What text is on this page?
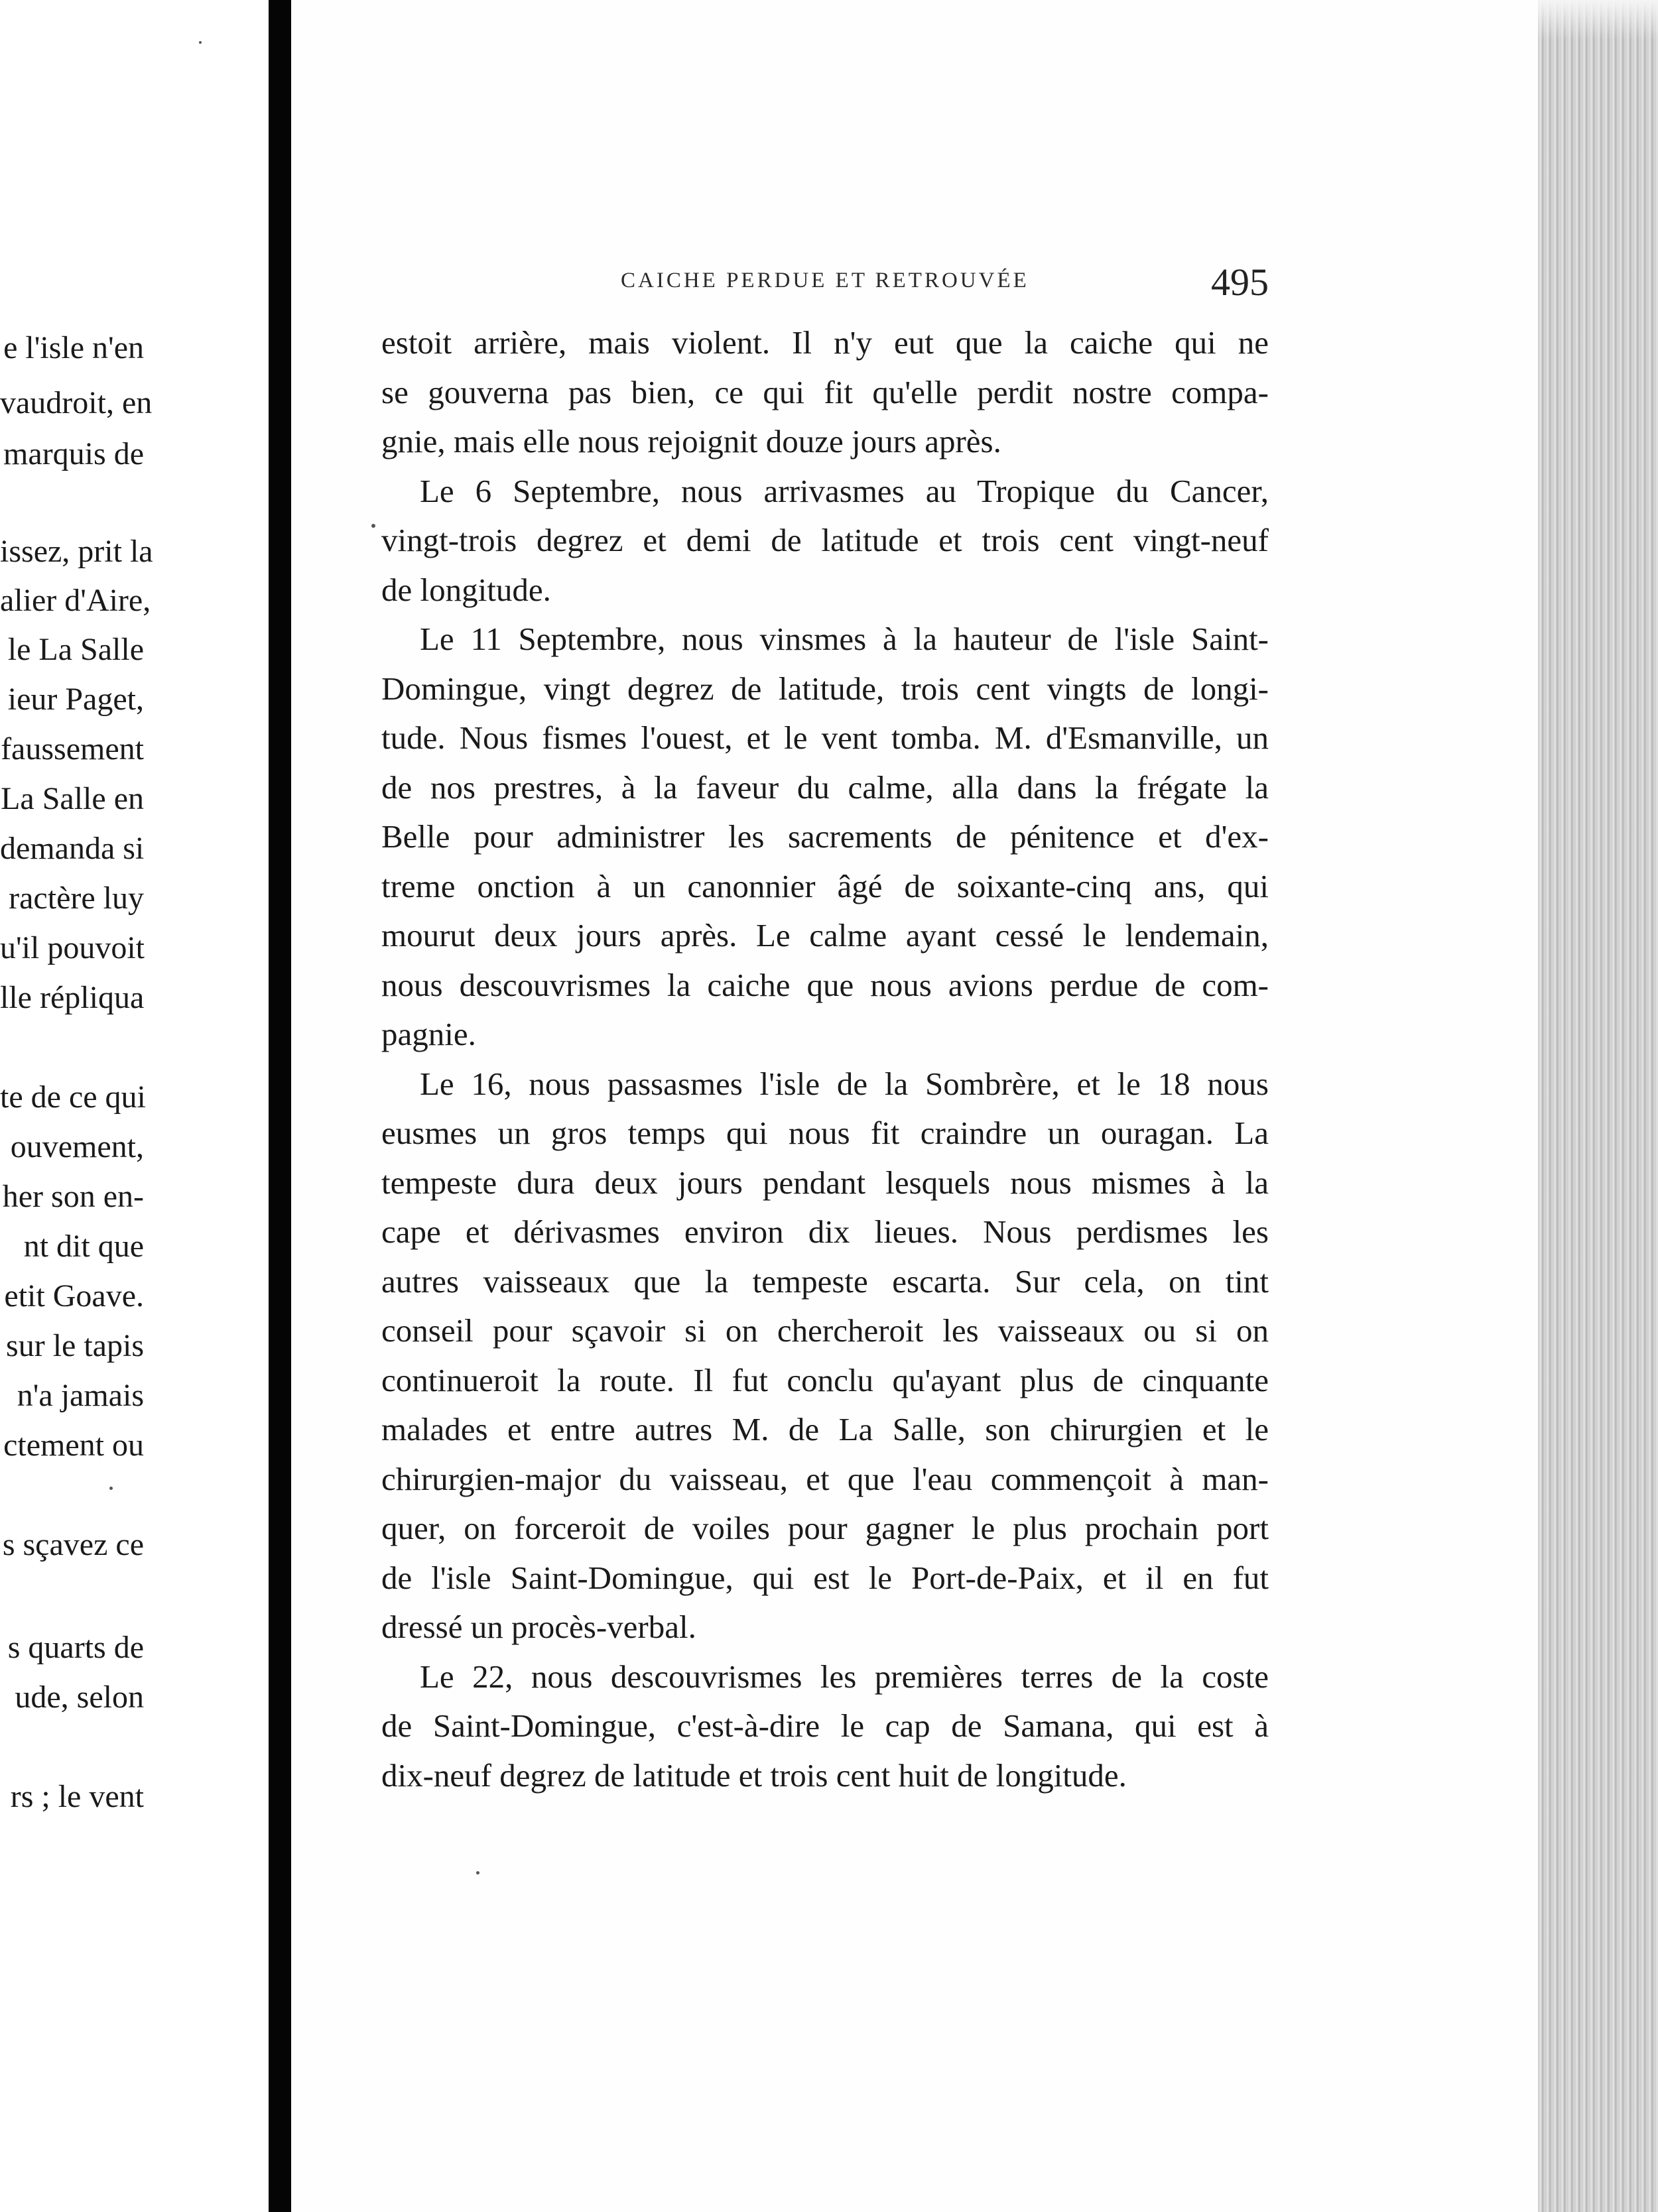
e l'isle n'en

vaudroit, en

marquis de

issez, prit la

alier d'Aire,

le La Salle

ieur Paget,

faussement

La Salle en

demanda si

ractère luy

u'il pouvoit

lle répliqua

te de ce qui

ouvement,

her son en-

nt dit que

etit Goave.

sur le tapis

n'a jamais

ctement ou

s sçavez ce

s quarts de

ude, selon

rs ; le vent

CAICHE PERDUE ET RETROUVÉE	495

estoit arrière, mais violent. Il n'y eut que la caiche qui ne

se gouverna pas bien, ce qui fit qu'elle perdit nostre compa-

gnie, mais elle nous rejoignit douze jours après.

Le 6 Septembre, nous arrivasmes au Tropique du Cancer,

vingt-trois degrez et demi de latitude et trois cent vingt-neuf

de longitude.

Le 11 Septembre, nous vinsmes à la hauteur de l'isle Saint-

Domingue, vingt degrez de latitude, trois cent vingts de longi-

tude. Nous fismes l'ouest, et le vent tomba. M. d'Esmanville, un

de nos prestres, à la faveur du calme, alla dans la frégate la

Belle pour administrer les sacrements de pénitence et d'ex-

treme onction à un canonnier âgé de soixante-cinq ans, qui

mourut deux jours après. Le calme ayant cessé le lendemain,

nous descouvrismes la caiche que nous avions perdue de com-

pagnie.

Le 16, nous passasmes l'isle de la Sombrère, et le 18 nous

eusmes un gros temps qui nous fit craindre un ouragan. La

tempeste dura deux jours pendant lesquels nous mismes à la

cape et dérivasmes environ dix lieues. Nous perdismes les

autres vaisseaux que la tempeste escarta. Sur cela, on tint

conseil pour sçavoir si on chercheroit les vaisseaux ou si on

continueroit la route. Il fut conclu qu'ayant plus de cinquante

malades et entre autres M. de La Salle, son chirurgien et le

chirurgien-major du vaisseau, et que l'eau commençoit à man-

quer, on forceroit de voiles pour gagner le plus prochain port

de l'isle Saint-Domingue, qui est le Port-de-Paix, et il en fut

dressé un procès-verbal.

Le 22, nous descouvrismes les premières terres de la coste

de Saint-Domingue, c'est-à-dire le cap de Samana, qui est à

dix-neuf degrez de latitude et trois cent huit de longitude.
